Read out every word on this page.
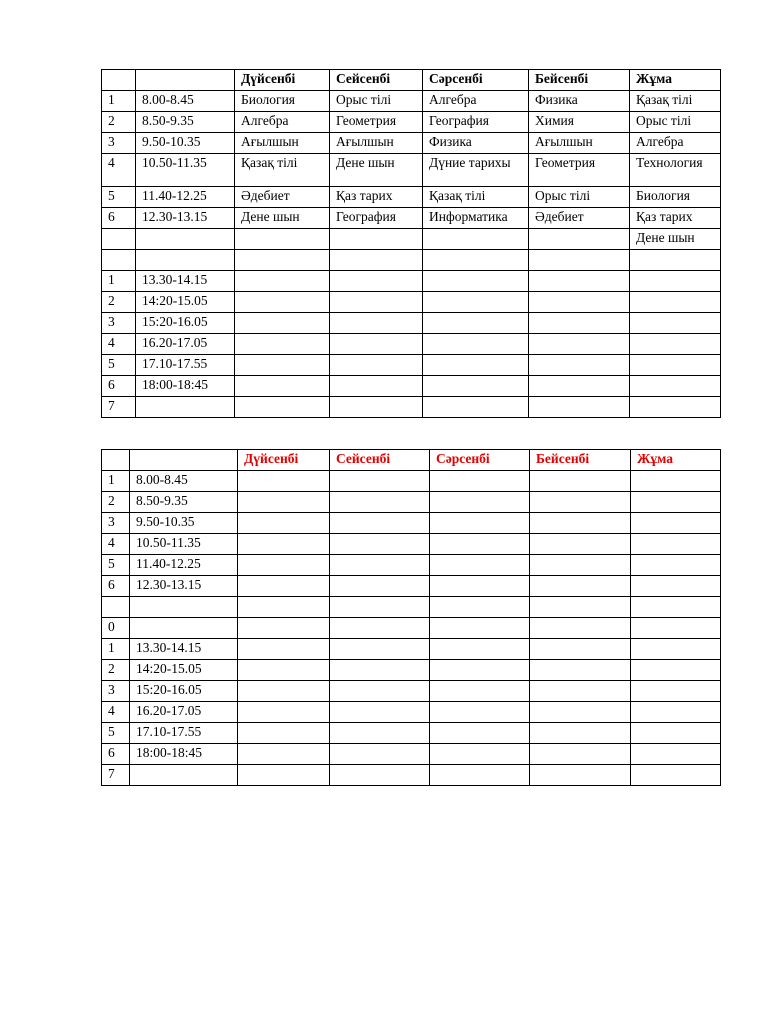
		Дүйсенбі	Сейсенбі	Сәрсенбі	Бейсенбі	Жұма
1	8.00-8.45	Биология	Орыс тілі	Алгебра	Физика	Қазақ тілі
2	8.50-9.35	Алгебра	Геометрия	География	Химия	Орыс тілі
3	9.50-10.35	Ағылшын	Ағылшын	Физика	Ағылшын	Алгебра
4	10.50-11.35	Қазақ тілі	Дене шын	Дүние тарихы	Геометрия	Технология
5	11.40-12.25	Әдебиет	Қаз тарих	Қазақ тілі	Орыс тілі	Биология
6	12.30-13.15	Дене шын	География	Информатика	Әдебиет	Қаз тарих
						Дене шын

1	13.30-14.15					
2	14:20-15.05					
3	15:20-16.05					
4	16.20-17.05					
5	17.10-17.55					
6	18:00-18:45					
7						
		Дүйсенбі	Сейсенбі	Сәрсенбі	Бейсенбі	Жұма
1	8.00-8.45					
2	8.50-9.35					
3	9.50-10.35					
4	10.50-11.35					
5	11.40-12.25					
6	12.30-13.15					

0						
1	13.30-14.15					
2	14:20-15.05					
3	15:20-16.05					
4	16.20-17.05					
5	17.10-17.55					
6	18:00-18:45					
7						
